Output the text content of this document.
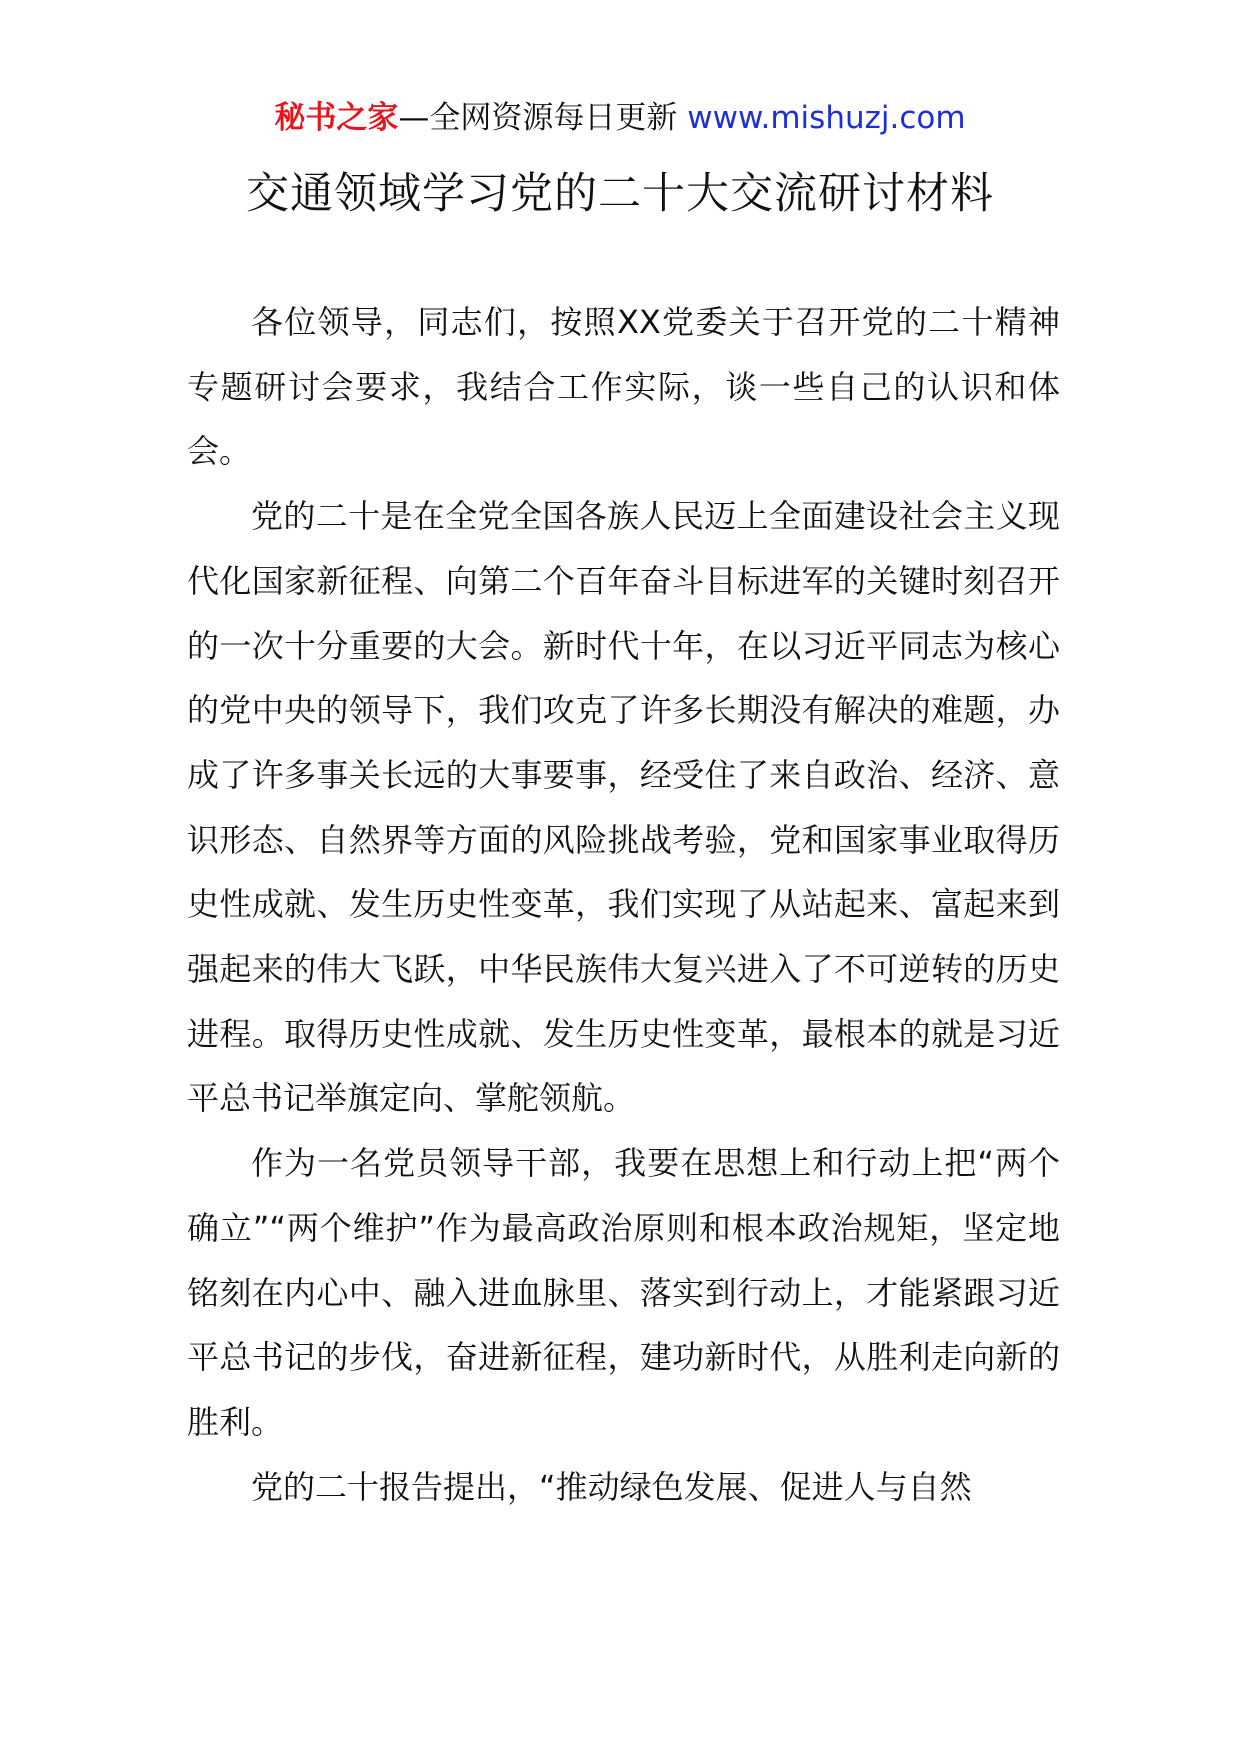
秘书之家—全网资源每日更新 www.mishuzj.com
交通领域学习党的二十大交流研讨材料

各位领导，同志们，按照XX党委关于召开党的二十精神专题研讨会要求，我结合工作实际，谈一些自己的认识和体会。

党的二十是在全党全国各族人民迈上全面建设社会主义现代化国家新征程、向第二个百年奋斗目标进军的关键时刻召开的一次十分重要的大会。新时代十年，在以习近平同志为核心的党中央的领导下，我们攻克了许多长期没有解决的难题，办成了许多事关长远的大事要事，经受住了来自政治、经济、意识形态、自然界等方面的风险挑战考验，党和国家事业取得历史性成就、发生历史性变革，我们实现了从站起来、富起来到强起来的伟大飞跃，中华民族伟大复兴进入了不可逆转的历史进程。取得历史性成就、发生历史性变革，最根本的就是习近平总书记举旗定向、掌舵领航。

作为一名党员领导干部，我要在思想上和行动上把“两个确立”“两个维护”作为最高政治原则和根本政治规矩，坚定地铭刻在内心中、融入进血脉里、落实到行动上，才能紧跟习近平总书记的步伐，奋进新征程，建功新时代，从胜利走向新的胜利。

党的二十报告提出，“推动绿色发展、促进人与自然
